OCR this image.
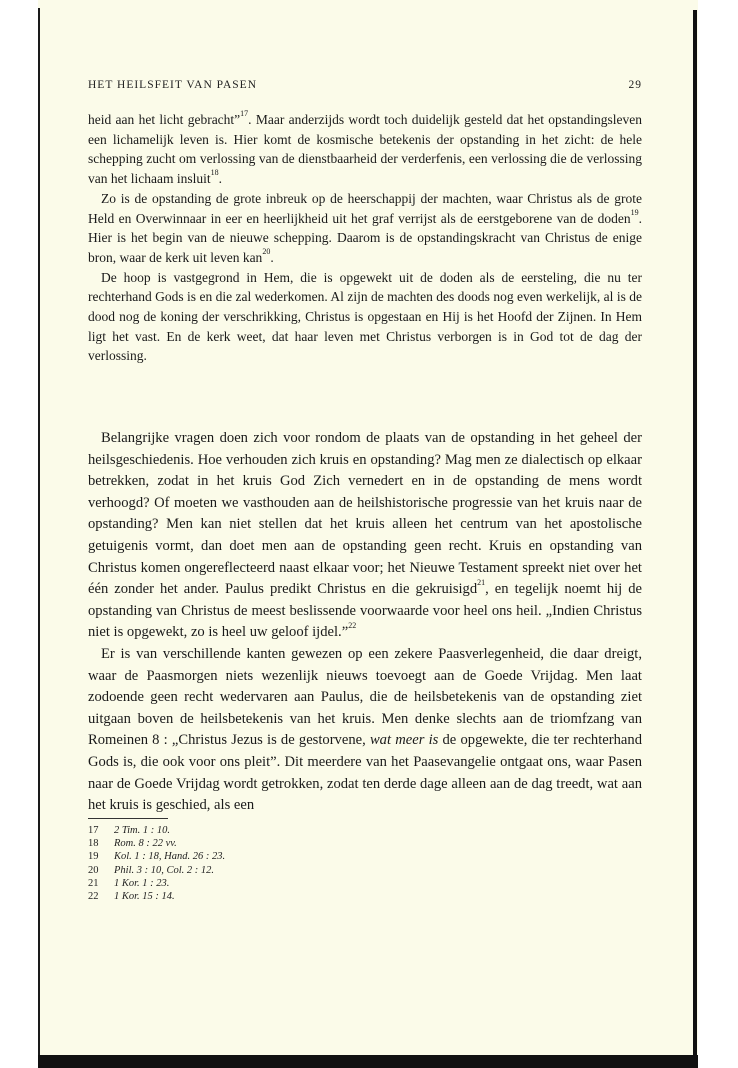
HET HEILSFEIT VAN PASEN	29

heid aan het licht gebracht”$^{17}$. Maar anderzijds wordt toch duidelijk gesteld dat het opstandingsleven een lichamelijk leven is. Hier komt de kosmische betekenis der opstanding in het zicht: de hele schepping zucht om verlossing van de dienstbaarheid der verderfenis, een verlossing die de verlossing van het lichaam insluit$^{18}$.

Zo is de opstanding de grote inbreuk op de heerschappij der machten, waar Christus als de grote Held en Overwinnaar in eer en heerlijkheid uit het graf verrijst als de eerstgeborene van de doden$^{19}$. Hier is het begin van de nieuwe schepping. Daarom is de opstandingskracht van Christus de enige bron, waar de kerk uit leven kan$^{20}$.

De hoop is vastgegrond in Hem, die is opgewekt uit de doden als de eersteling, die nu ter rechterhand Gods is en die zal wederkomen. Al zijn de machten des doods nog even werkelijk, al is de dood nog de koning der verschrikking, Christus is opgestaan en Hij is het Hoofd der Zijnen. In Hem ligt het vast. En de kerk weet, dat haar leven met Christus verborgen is in God tot de dag der verlossing.

Belangrijke vragen doen zich voor rondom de plaats van de opstanding in het geheel der heilsgeschiedenis. Hoe verhouden zich kruis en opstanding? Mag men ze dialectisch op elkaar betrekken, zodat in het kruis God Zich vernedert en in de opstanding de mens wordt verhoogd? Of moeten we vasthouden aan de heilshistorische progressie van het kruis naar de opstanding? Men kan niet stellen dat het kruis alleen het centrum van het apostolische getuigenis vormt, dan doet men aan de opstanding geen recht. Kruis en opstanding van Christus komen ongereflecteerd naast elkaar voor; het Nieuwe Testament spreekt niet over het één zonder het ander. Paulus predikt Christus en die gekruisigd$^{21}$, en tegelijk noemt hij de opstanding van Christus de meest beslissende voorwaarde voor heel ons heil. „Indien Christus niet is opgewekt, zo is heel uw geloof ijdel.”$^{22}$

Er is van verschillende kanten gewezen op een zekere Paasverlegenheid, die daar dreigt, waar de Paasmorgen niets wezenlijk nieuws toevoegt aan de Goede Vrijdag. Men laat zodoende geen recht wedervaren aan Paulus, die de heilsbetekenis van de opstanding ziet uitgaan boven de heilsbetekenis van het kruis. Men denke slechts aan de triomfzang van Romeinen 8 : „Christus Jezus is de gestorvene, wat meer is de opgewekte, die ter rechterhand Gods is, die ook voor ons pleit”. Dit meerdere van het Paasevangelie ontgaat ons, waar Pasen naar de Goede Vrijdag wordt getrokken, zodat ten derde dage alleen aan de dag treedt, wat aan het kruis is geschied, als een

17	2 Tim. 1 : 10.
18	Rom. 8 : 22 vv.
19	Kol. 1 : 18, Hand. 26 : 23.
20	Phil. 3 : 10, Col. 2 : 12.
21	1 Kor. 1 : 23.
22	1 Kor. 15 : 14.
